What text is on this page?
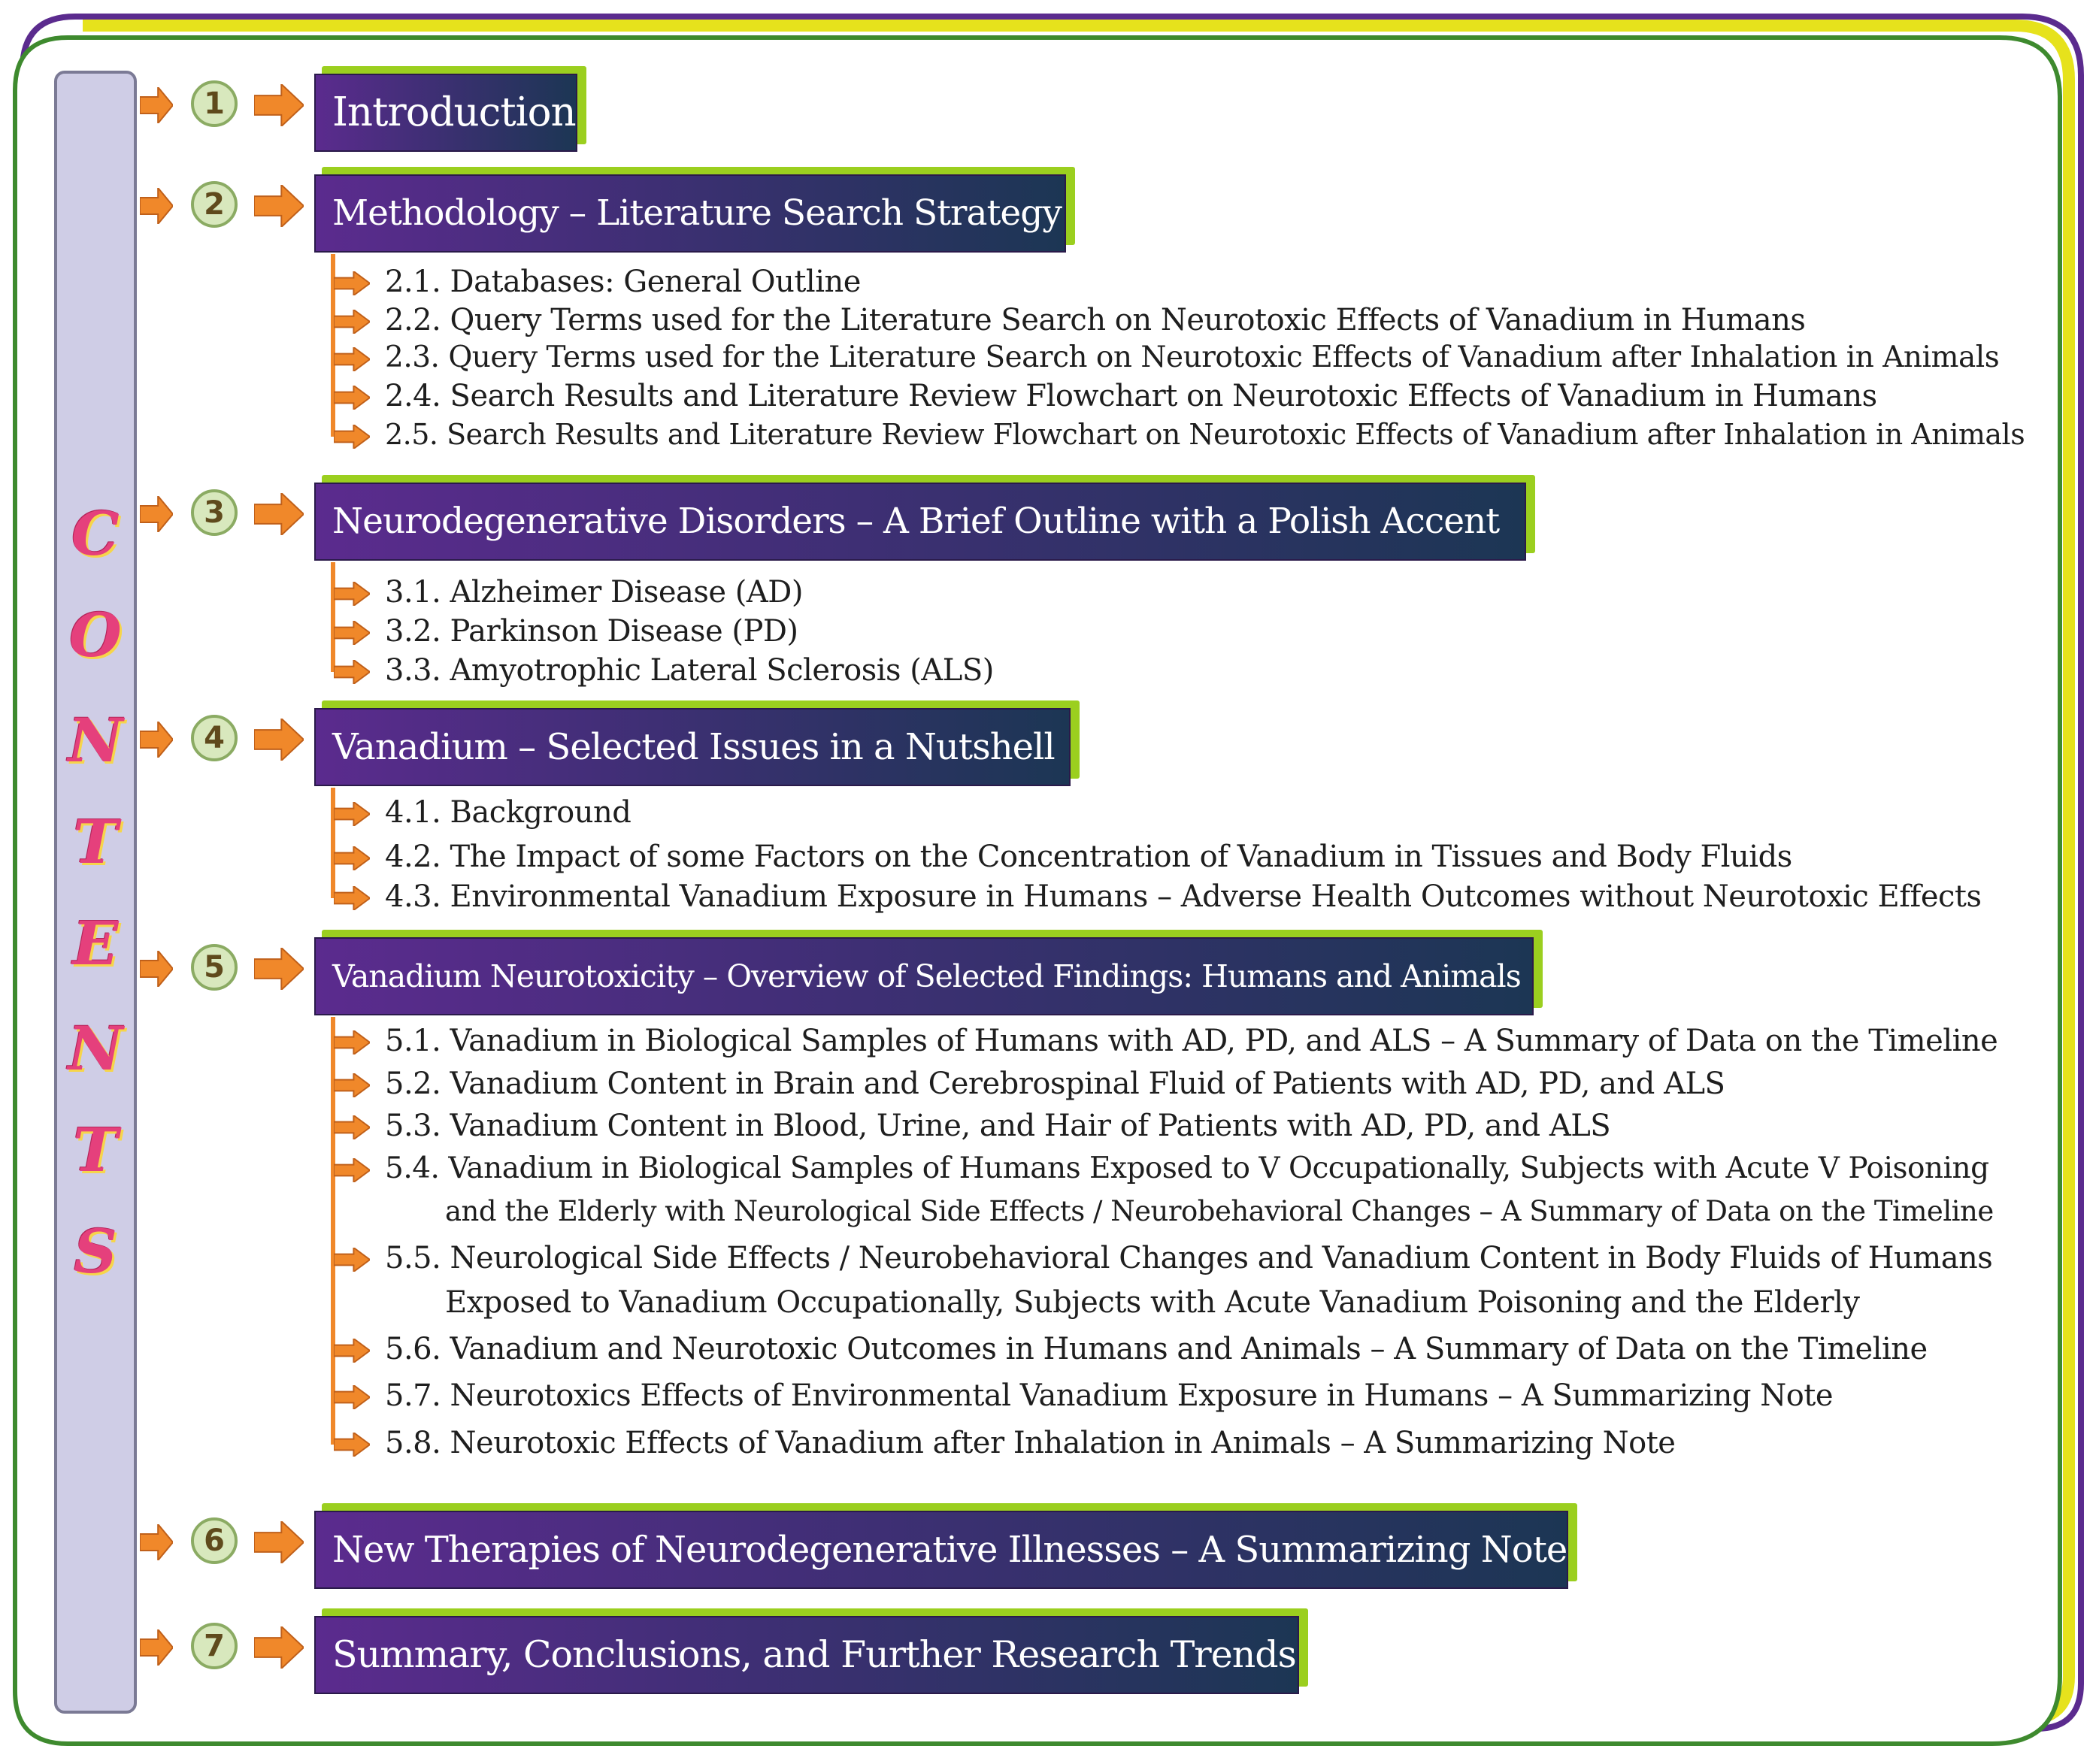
C
O
N
T
E
N
T
S
1	Introduction
2	Methodology – Literature Search Strategy
2.1. Databases: General Outline
2.2. Query Terms used for the Literature Search on Neurotoxic Effects of Vanadium in Humans
2.3. Query Terms used for the Literature Search on Neurotoxic Effects of Vanadium after Inhalation in Animals
2.4. Search Results and Literature Review Flowchart on Neurotoxic Effects of Vanadium in Humans
2.5. Search Results and Literature Review Flowchart on Neurotoxic Effects of Vanadium after Inhalation in Animals
3	Neurodegenerative Disorders – A Brief Outline with a Polish Accent
3.1. Alzheimer Disease (AD)
3.2. Parkinson Disease (PD)
3.3. Amyotrophic Lateral Sclerosis (ALS)
4	Vanadium – Selected Issues in a Nutshell
4.1. Background
4.2. The Impact of some Factors on the Concentration of Vanadium in Tissues and Body Fluids
4.3. Environmental Vanadium Exposure in Humans – Adverse Health Outcomes without Neurotoxic Effects
5	Vanadium Neurotoxicity – Overview of Selected Findings: Humans and Animals
5.1. Vanadium in Biological Samples of Humans with AD, PD, and ALS – A Summary of Data on the Timeline
5.2. Vanadium Content in Brain and Cerebrospinal Fluid of Patients with AD, PD, and ALS
5.3. Vanadium Content in Blood, Urine, and Hair of Patients with AD, PD, and ALS
5.4. Vanadium in Biological Samples of Humans Exposed to V Occupationally, Subjects with Acute V Poisoning
and the Elderly with Neurological Side Effects / Neurobehavioral Changes – A Summary of Data on the Timeline
5.5. Neurological Side Effects / Neurobehavioral Changes and Vanadium Content in Body Fluids of Humans
Exposed to Vanadium Occupationally, Subjects with Acute Vanadium Poisoning and the Elderly
5.6. Vanadium and Neurotoxic Outcomes in Humans and Animals – A Summary of Data on the Timeline
5.7. Neurotoxics Effects of Environmental Vanadium Exposure in Humans – A Summarizing Note
5.8. Neurotoxic Effects of Vanadium after Inhalation in Animals – A Summarizing Note
6	New Therapies of Neurodegenerative Illnesses – A Summarizing Note
7	Summary, Conclusions, and Further Research Trends
